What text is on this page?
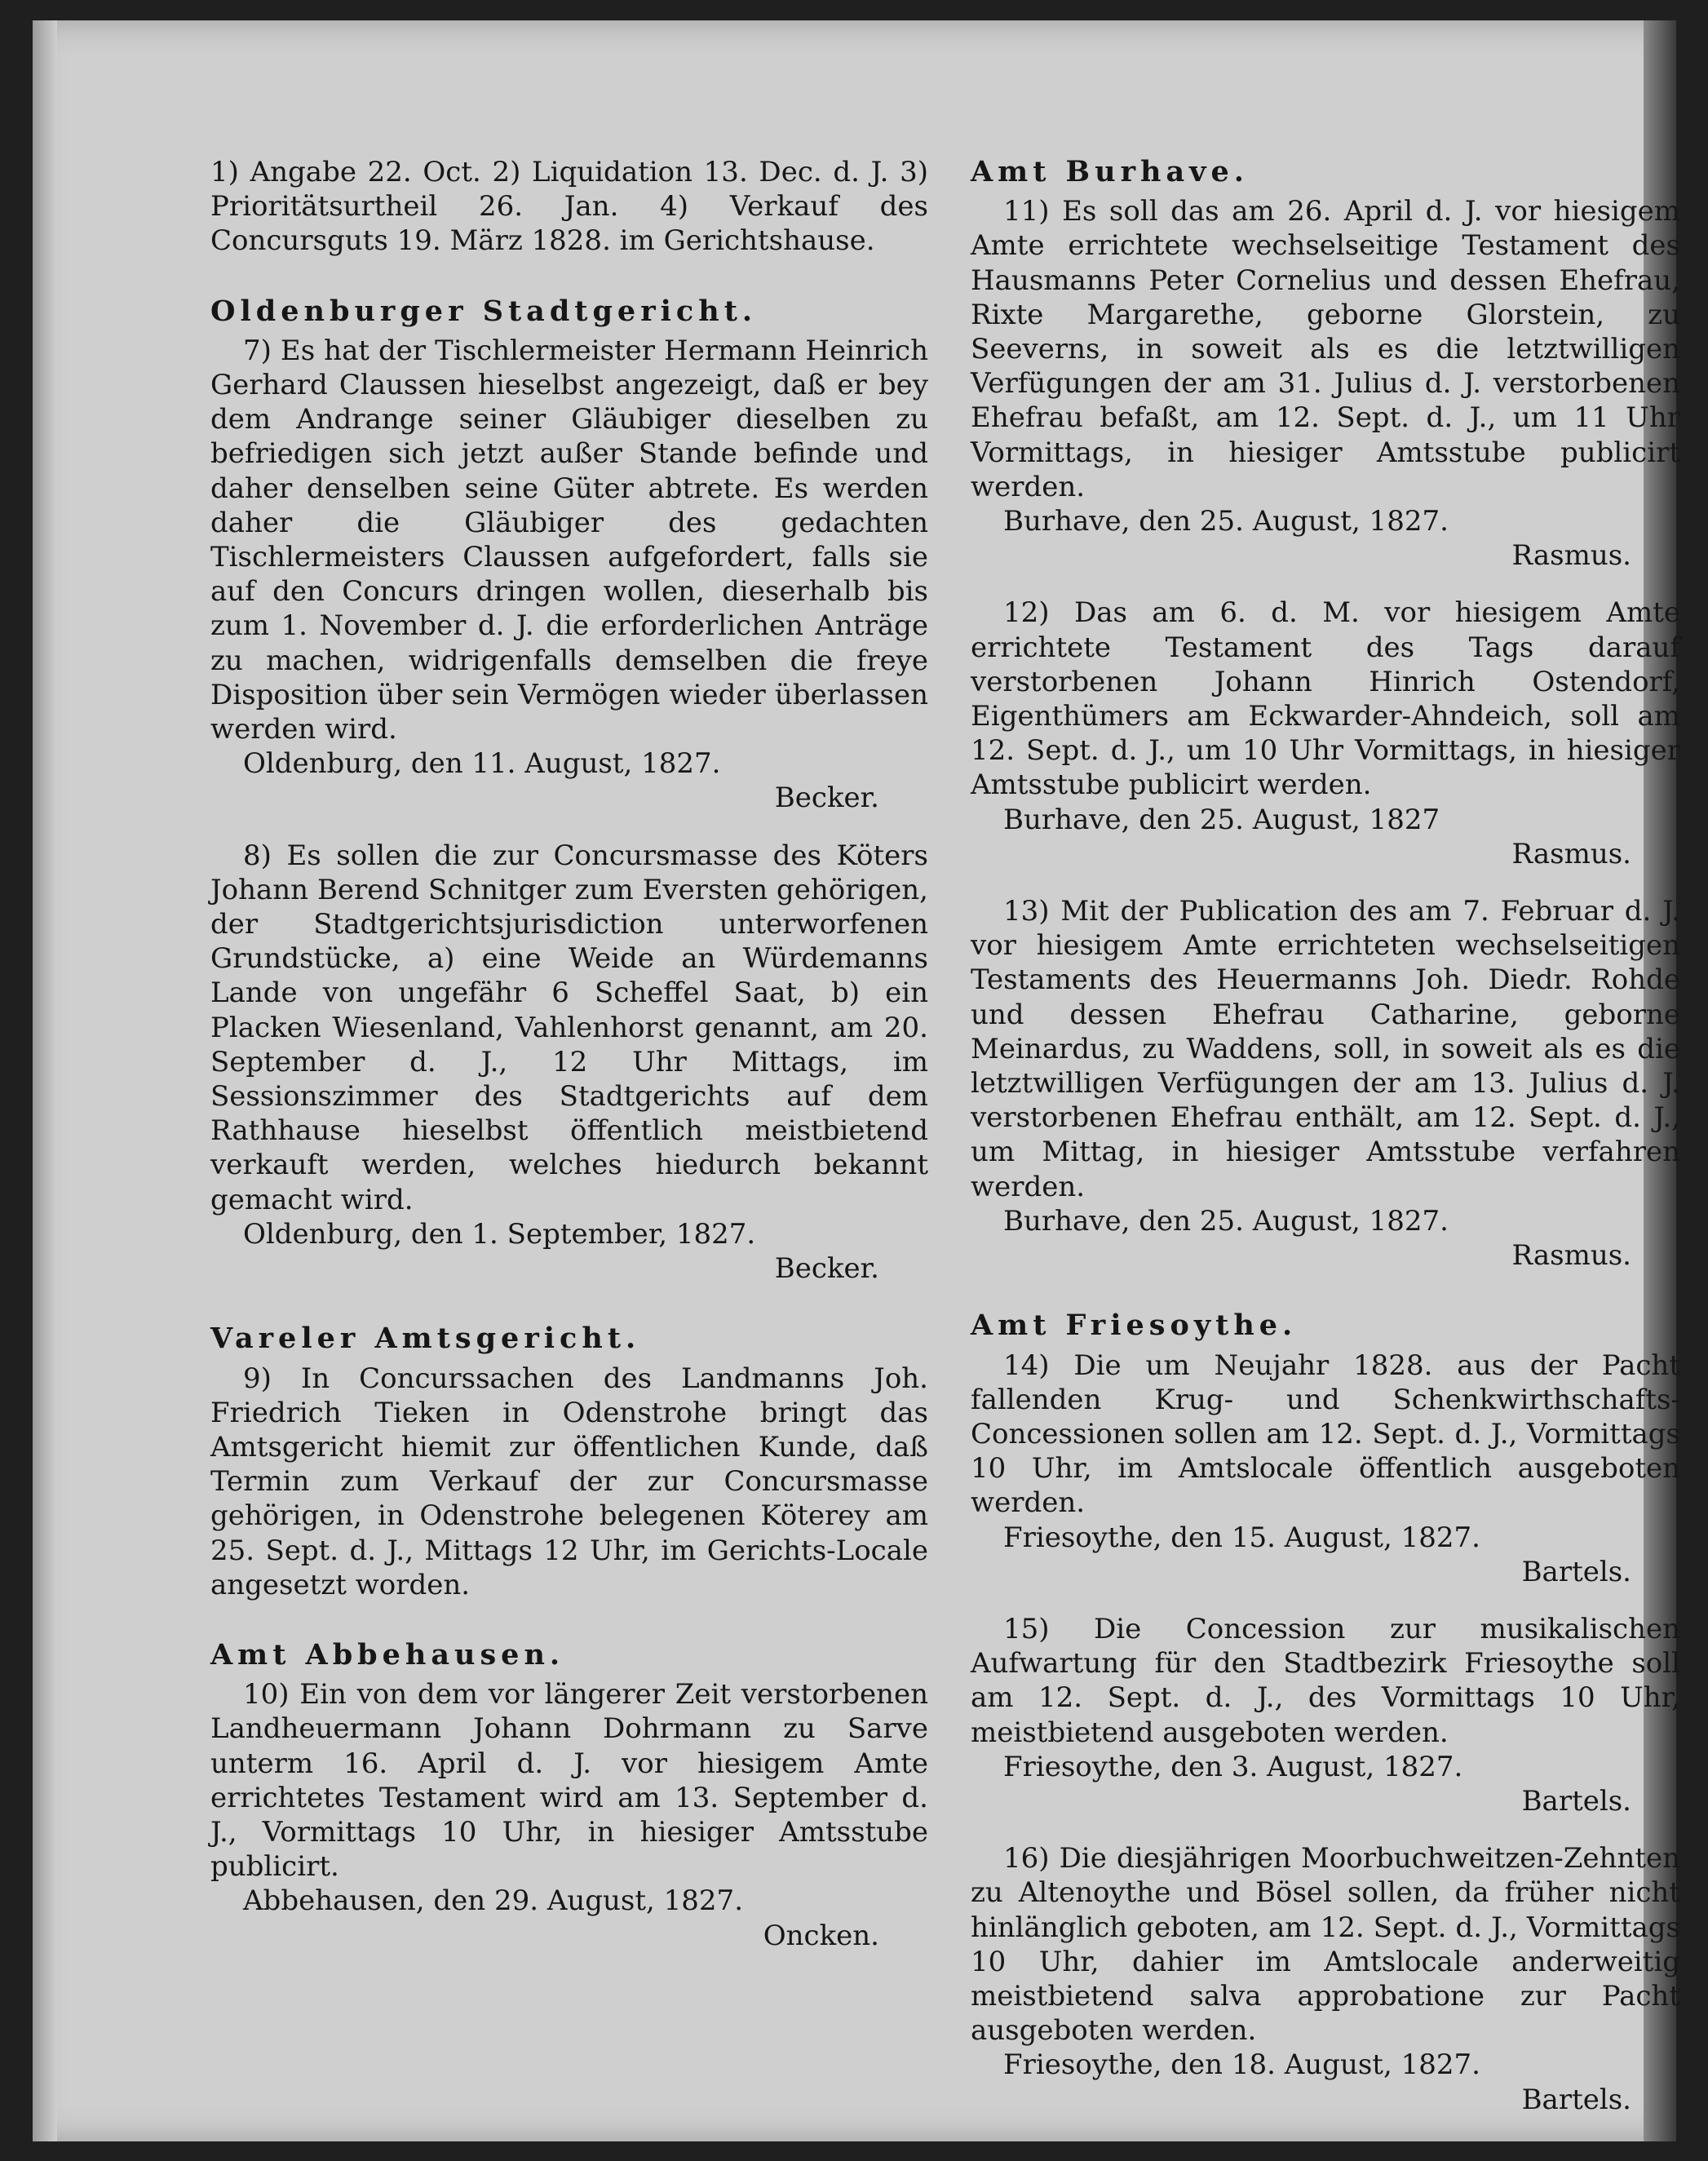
1) Angabe 22. Oct. 2) Liquidation 13. Dec. d. J. 3) Prioritätsurtheil 26. Jan. 4) Verkauf des Concursguts 19. März 1828. im Gerichtshause.

Oldenburger Stadtgericht.

7) Es hat der Tischlermeister Hermann Heinrich Gerhard Claussen hieselbst angezeigt, daß er bey dem Andrange seiner Gläubiger dieselben zu befriedigen sich jetzt außer Stande befinde und daher denselben seine Güter abtrete. Es werden daher die Gläubiger des gedachten Tischlermeisters Claussen aufgefordert, falls sie auf den Concurs dringen wollen, dieserhalb bis zum 1. November d. J. die erforderlichen Anträge zu machen, widrigenfalls demselben die freye Disposition über sein Vermögen wieder überlassen werden wird.

Oldenburg, den 11. August, 1827.

Becker.

8) Es sollen die zur Concursmasse des Köters Johann Berend Schnitger zum Eversten gehörigen, der Stadtgerichtsjurisdiction unterworfenen Grundstücke, a) eine Weide an Würdemanns Lande von ungefähr 6 Scheffel Saat, b) ein Placken Wiesenland, Vahlenhorst genannt, am 20. September d. J., 12 Uhr Mittags, im Sessionszimmer des Stadtgerichts auf dem Rathhause hieselbst öffentlich meistbietend verkauft werden, welches hiedurch bekannt gemacht wird.

Oldenburg, den 1. September, 1827.

Becker.

Vareler Amtsgericht.

9) In Concurssachen des Landmanns Joh. Friedrich Tieken in Odenstrohe bringt das Amtsgericht hiemit zur öffentlichen Kunde, daß Termin zum Verkauf der zur Concursmasse gehörigen, in Odenstrohe belegenen Köterey am 25. Sept. d. J., Mittags 12 Uhr, im Gerichts-Locale angesetzt worden.

Amt Abbehausen.

10) Ein von dem vor längerer Zeit verstorbenen Landheuermann Johann Dohrmann zu Sarve unterm 16. April d. J. vor hiesigem Amte errichtetes Testament wird am 13. September d. J., Vormittags 10 Uhr, in hiesiger Amtsstube publicirt.

Abbehausen, den 29. August, 1827.

Oncken.

Amt Burhave.

11) Es soll das am 26. April d. J. vor hiesigem Amte errichtete wechselseitige Testament des Hausmanns Peter Cornelius und dessen Ehefrau, Rixte Margarethe, geborne Glorstein, zu Seeverns, in soweit als es die letztwilligen Verfügungen der am 31. Julius d. J. verstorbenen Ehefrau befaßt, am 12. Sept. d. J., um 11 Uhr Vormittags, in hiesiger Amtsstube publicirt werden.

Burhave, den 25. August, 1827.

Rasmus.

12) Das am 6. d. M. vor hiesigem Amte errichtete Testament des Tags darauf verstorbenen Johann Hinrich Ostendorf, Eigenthümers am Eckwarder-Ahndeich, soll am 12. Sept. d. J., um 10 Uhr Vormittags, in hiesiger Amtsstube publicirt werden.

Burhave, den 25. August, 1827

Rasmus.

13) Mit der Publication des am 7. Februar d. J. vor hiesigem Amte errichteten wechselseitigen Testaments des Heuermanns Joh. Diedr. Rohde und dessen Ehefrau Catharine, geborne Meinardus, zu Waddens, soll, in soweit als es die letztwilligen Verfügungen der am 13. Julius d. J. verstorbenen Ehefrau enthält, am 12. Sept. d. J., um Mittag, in hiesiger Amtsstube verfahren werden.

Burhave, den 25. August, 1827.

Rasmus.

Amt Friesoythe.

14) Die um Neujahr 1828. aus der Pacht fallenden Krug- und Schenkwirthschafts-Concessionen sollen am 12. Sept. d. J., Vormittags 10 Uhr, im Amtslocale öffentlich ausgeboten werden.

Friesoythe, den 15. August, 1827.

Bartels.

15) Die Concession zur musikalischen Aufwartung für den Stadtbezirk Friesoythe soll am 12. Sept. d. J., des Vormittags 10 Uhr, meistbietend ausgeboten werden.

Friesoythe, den 3. August, 1827.

Bartels.

16) Die diesjährigen Moorbuchweitzen-Zehnten zu Altenoythe und Bösel sollen, da früher nicht hinlänglich geboten, am 12. Sept. d. J., Vormittags 10 Uhr, dahier im Amtslocale anderweitig meistbietend salva approbatione zur Pacht ausgeboten werden.

Friesoythe, den 18. August, 1827.

Bartels.
